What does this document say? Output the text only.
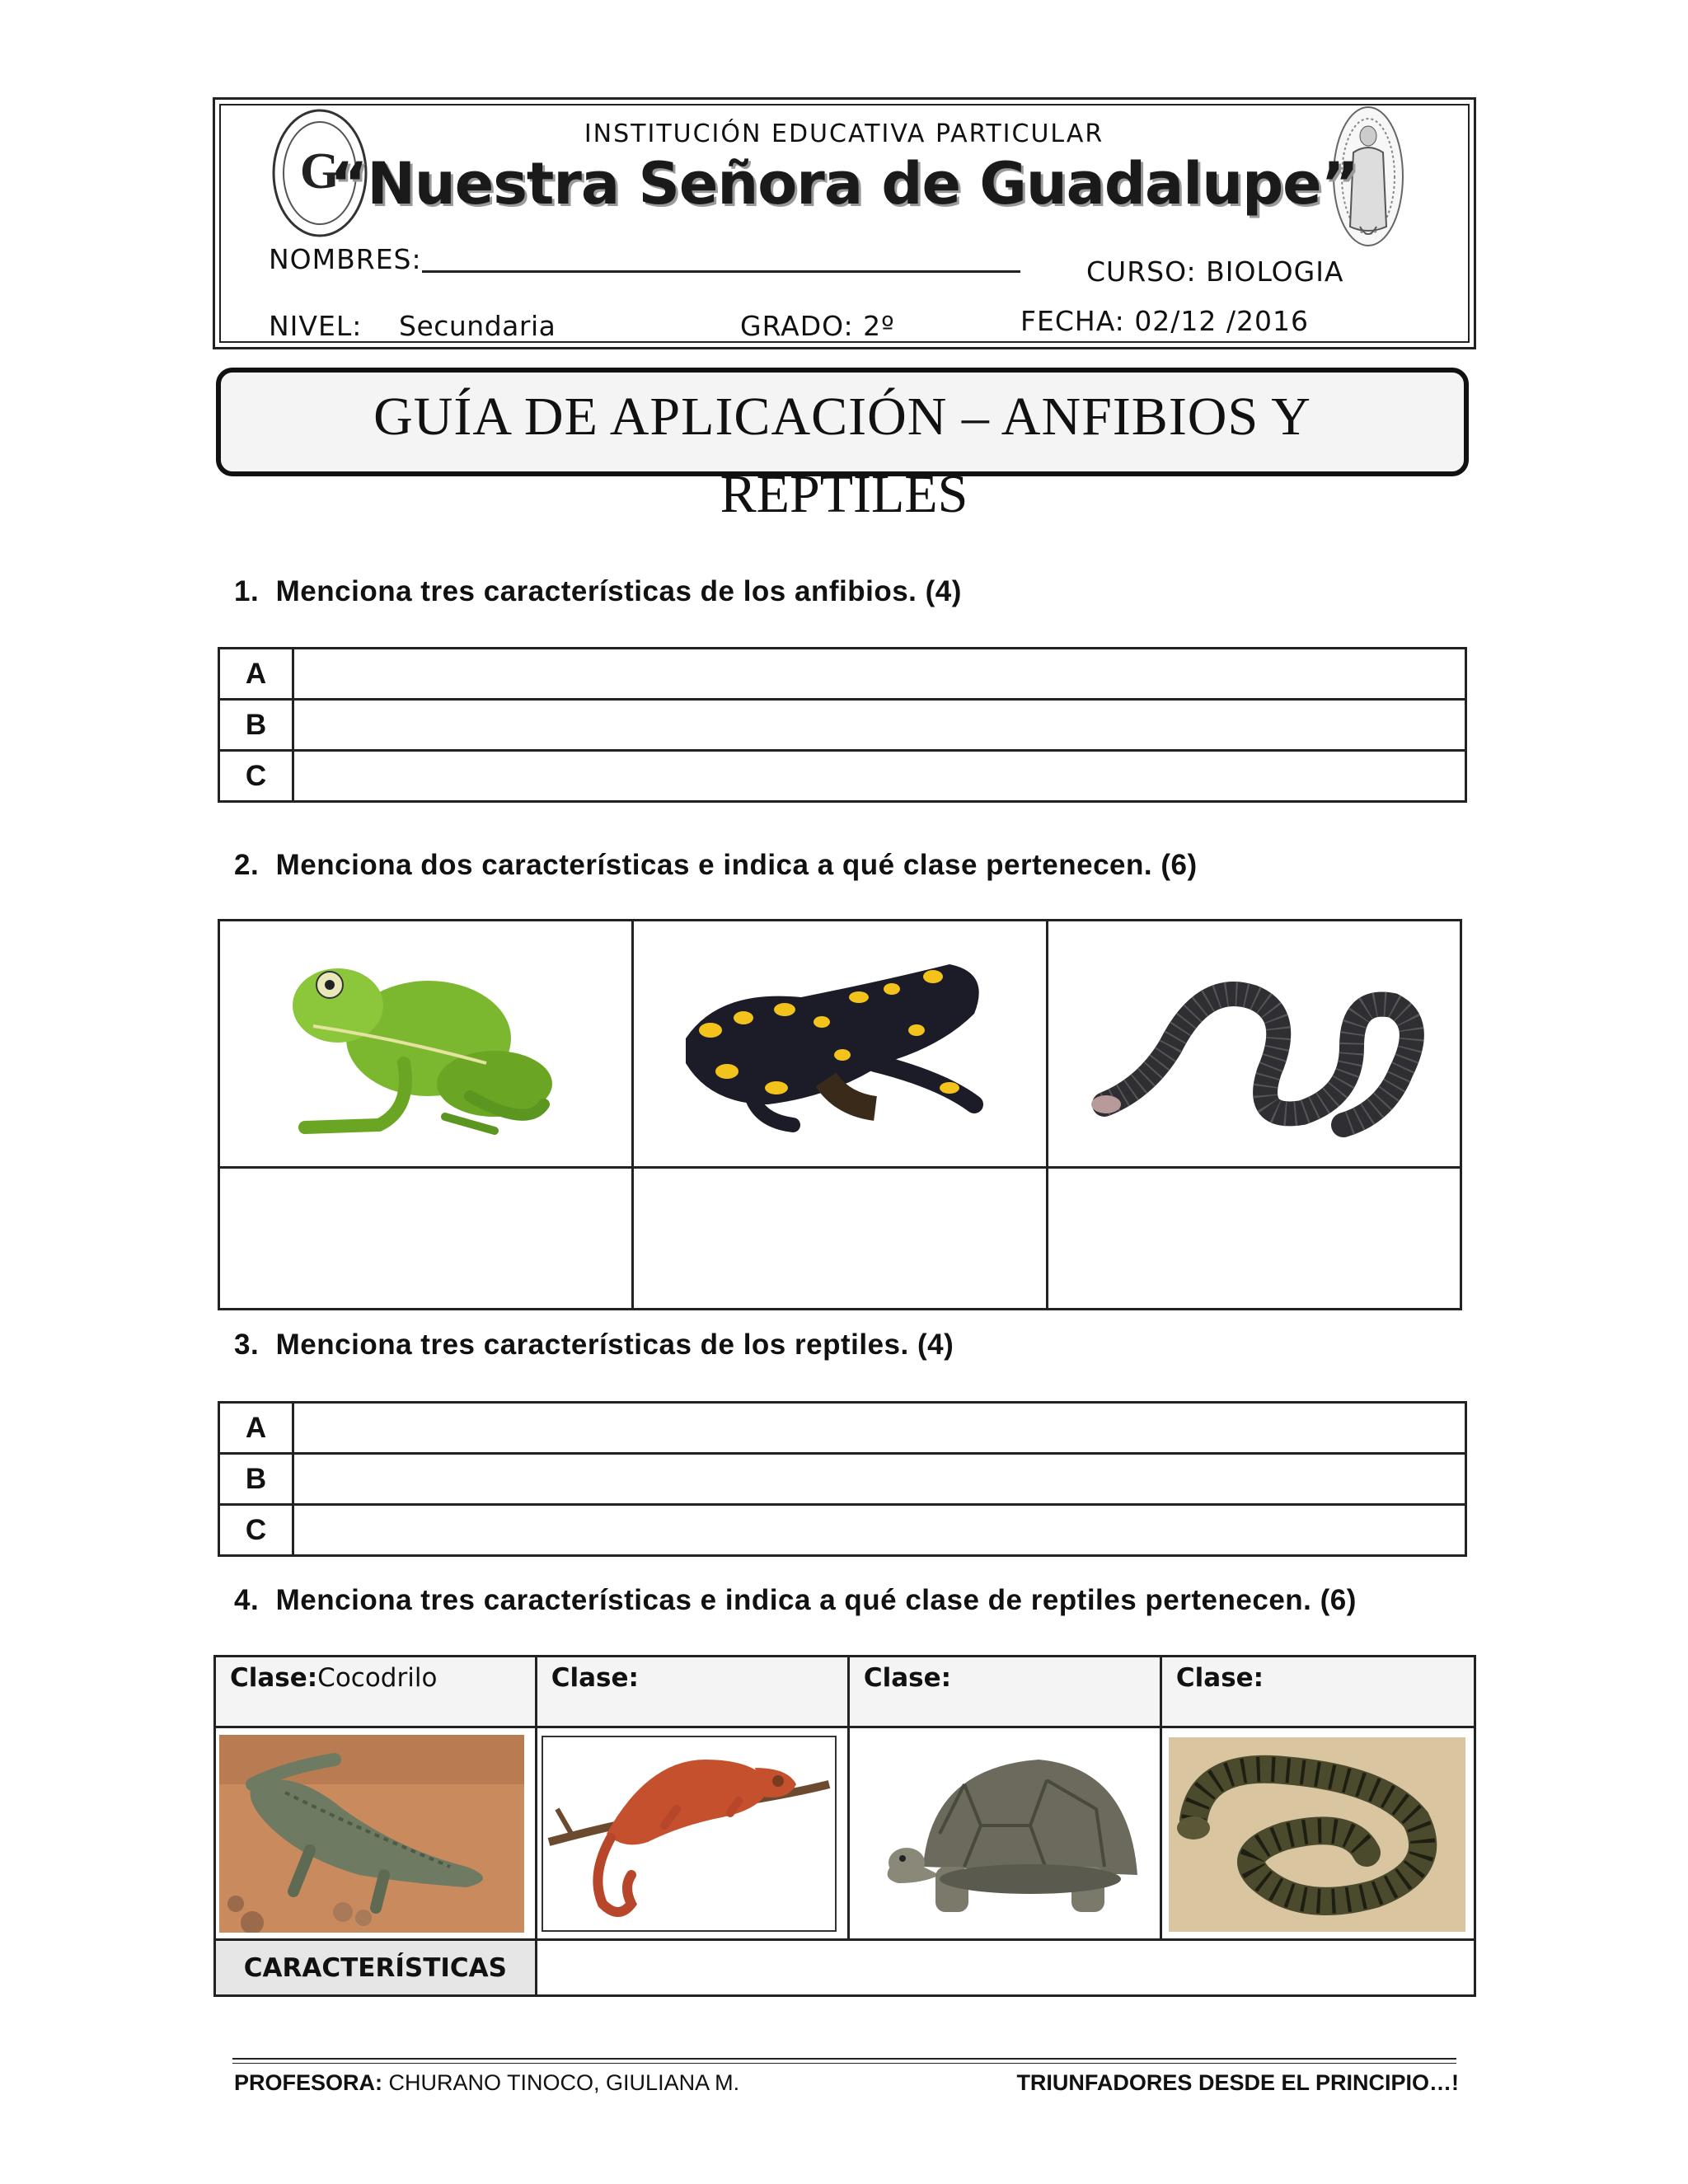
G
INSTITUCIÓN EDUCATIVA PARTICULAR
“Nuestra Señora de Guadalupe”
NOMBRES:	CURSO: BIOLOGIA
NIVEL: Secundaria	GRADO: 2º	FECHA: 02/12 /2016
GUÍA DE APLICACIÓN – ANFIBIOS Y
REPTILES
1. Menciona tres características de los anfibios. (4)
A	
B	
C	
2. Menciona dos características e indica a qué clase pertenecen. (6)

3. Menciona tres características de los reptiles. (4)
A	
B	
C	
4. Menciona tres características e indica a qué clase de reptiles pertenecen. (6)
Clase:Cocodrilo	Clase:	Clase:	Clase:

CARACTERÍSTICAS			
PROFESORA: CHURANO TINOCO, GIULIANA M.	TRIUNFADORES DESDE EL PRINCIPIO…!
